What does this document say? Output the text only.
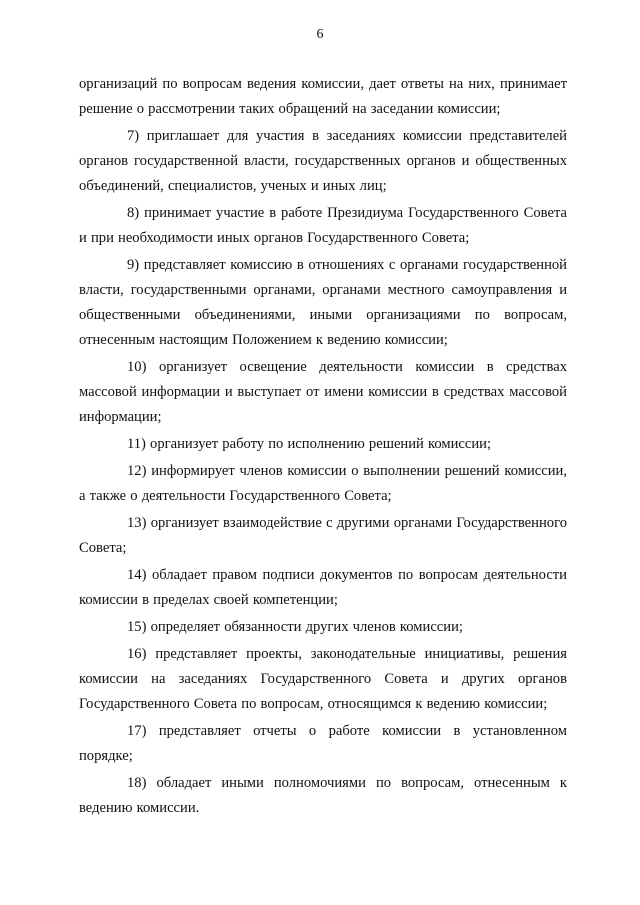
6

организаций по вопросам ведения комиссии, дает ответы на них, принимает решение о рассмотрении таких обращений на заседании комиссии;

7) приглашает для участия в заседаниях комиссии представителей органов государственной власти, государственных органов и общественных объединений, специалистов, ученых и иных лиц;

8) принимает участие в работе Президиума Государственного Совета и при необходимости иных органов Государственного Совета;

9) представляет комиссию в отношениях с органами государственной власти, государственными органами, органами местного самоуправления и общественными объединениями, иными организациями по вопросам, отнесенным настоящим Положением к ведению комиссии;

10) организует освещение деятельности комиссии в средствах массовой информации и выступает от имени комиссии в средствах массовой информации;

11) организует работу по исполнению решений комиссии;

12) информирует членов комиссии о выполнении решений комиссии, а также о деятельности Государственного Совета;

13) организует взаимодействие с другими органами Государственного Совета;

14) обладает правом подписи документов по вопросам деятельности комиссии в пределах своей компетенции;

15) определяет обязанности других членов комиссии;

16) представляет проекты, законодательные инициативы, решения комиссии на заседаниях Государственного Совета и других органов Государственного Совета по вопросам, относящимся к ведению комиссии;

17) представляет отчеты о работе комиссии в установленном порядке;

18) обладает иными полномочиями по вопросам, отнесенным к ведению комиссии.
